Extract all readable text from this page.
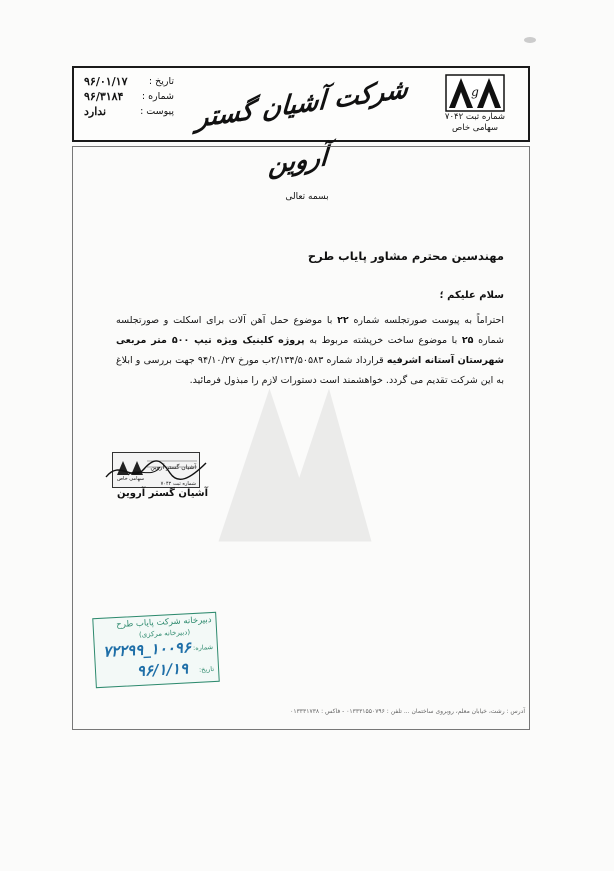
تاریخ :
۹۶/۰۱/۱۷
شماره :
۹۶/۳۱۸۴
پیوست :
ندارد	شرکت آشیان گستر آروین
g
شماره ثبت ۷۰۴۲
سهامی خاص
بسمه تعالی
مهندسین محترم مشاور پایاب طرح
سلام علیکم ؛
احتراماً به پیوست صورتجلسه شماره ۲۲ با موضوع حمل آهن آلات برای اسکلت و صورتجلسه شماره ۲۵ با موضوع ساخت خرپشته مربوط به پروژه کلینیک ویژه تیپ ۵۰۰ متر مربعی شهرستان آستانه اشرفیه قرارداد شماره ۲/۱۳۴/۵۰۵۸۳ب مورخ ۹۴/۱۰/۲۷ جهت بررسی و ابلاغ به این شرکت تقدیم می گردد. خواهشمند است دستورات لازم را مبذول فرمائید.
آشیان گستر آروین
سهامی خاص
شماره ثبت ۷۰۴۲
آشیان گستر آروین
دبیرخانه شرکت پایاب طرح
(دبیرخانه مرکزی)
شماره:
۱۰۰۹۶_۷۲۲۹۹
تاریخ:
۹۶/۱/۱۹
آدرس : رشت، خیابان معلم، روبروی ساختمان ... تلفن : ۰۱۳۳۳۱۵۵۰۷۹۶ - فاکس : ۰۱۳۳۳۱۷۳۸
